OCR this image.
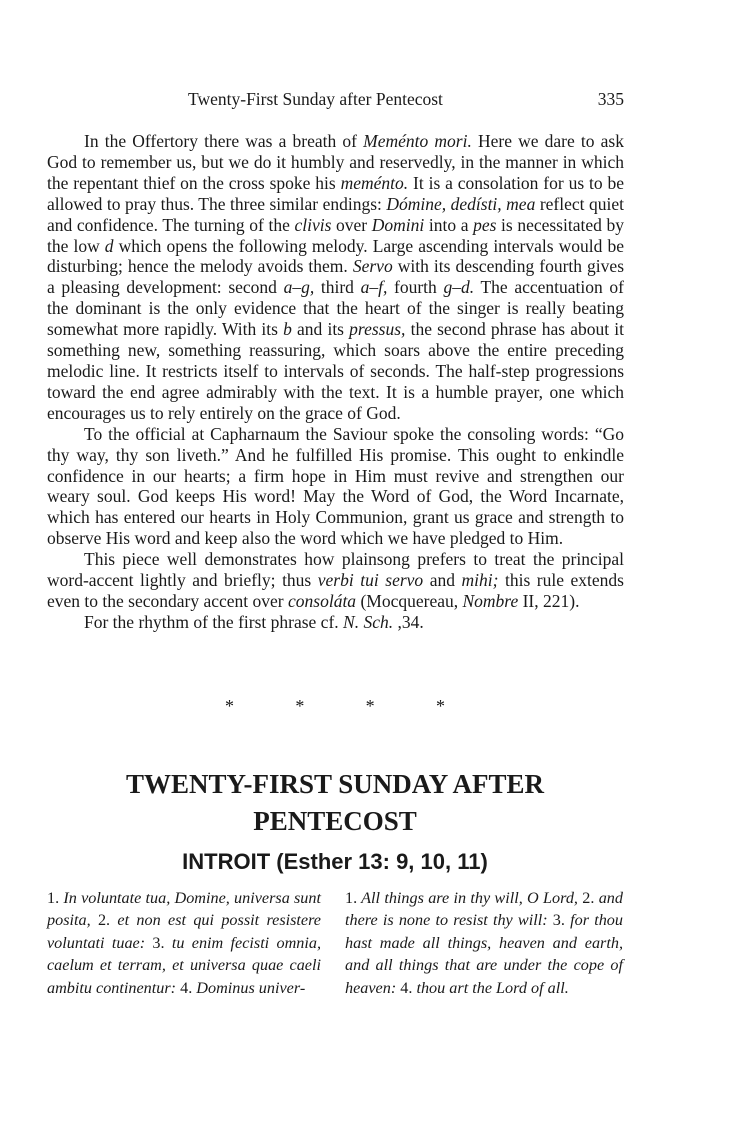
Twenty-First Sunday after Pentecost	335

In the Offertory there was a breath of Meménto mori. Here we dare to ask God to remember us, but we do it humbly and reservedly, in the manner in which the repentant thief on the cross spoke his meménto. It is a consolation for us to be allowed to pray thus. The three similar endings: Dómine, dedísti, mea reflect quiet and confidence. The turning of the clivis over Domini into a pes is necessitated by the low d which opens the following melody. Large ascending intervals would be disturbing; hence the melody avoids them. Servo with its descending fourth gives a pleasing development: second a–g, third a–f, fourth g–d. The accentuation of the dominant is the only evidence that the heart of the singer is really beating somewhat more rapidly. With its b and its pressus, the second phrase has about it something new, something reassuring, which soars above the entire preceding melodic line. It restricts itself to intervals of seconds. The half-step progressions toward the end agree admirably with the text. It is a humble prayer, one which encourages us to rely entirely on the grace of God.

To the official at Capharnaum the Saviour spoke the consoling words: “Go thy way, thy son liveth.” And he fulfilled His promise. This ought to enkindle confidence in our hearts; a firm hope in Him must revive and strengthen our weary soul. God keeps His word! May the Word of God, the Word Incarnate, which has entered our hearts in Holy Communion, grant us grace and strength to observe His word and keep also the word which we have pledged to Him.

This piece well demonstrates how plainsong prefers to treat the principal word-accent lightly and briefly; thus verbi tui servo and mihi; this rule extends even to the secondary accent over consoláta (Mocquereau, Nombre II, 221).

For the rhythm of the first phrase cf. N. Sch. ,34.

*	*	*	*
TWENTY-FIRST SUNDAY AFTER
PENTECOST
INTROIT (Esther 13: 9, 10, 11)
1. In voluntate tua, Domine, universa sunt posita, 2. et non est qui possit resistere voluntati tuae: 3. tu enim fecisti omnia, caelum et terram, et universa quae caeli ambitu continentur: 4. Dominus univer-
1. All things are in thy will, O Lord, 2. and there is none to resist thy will: 3. for thou hast made all things, heaven and earth, and all things that are under the cope of heaven: 4. thou art the Lord of all.
